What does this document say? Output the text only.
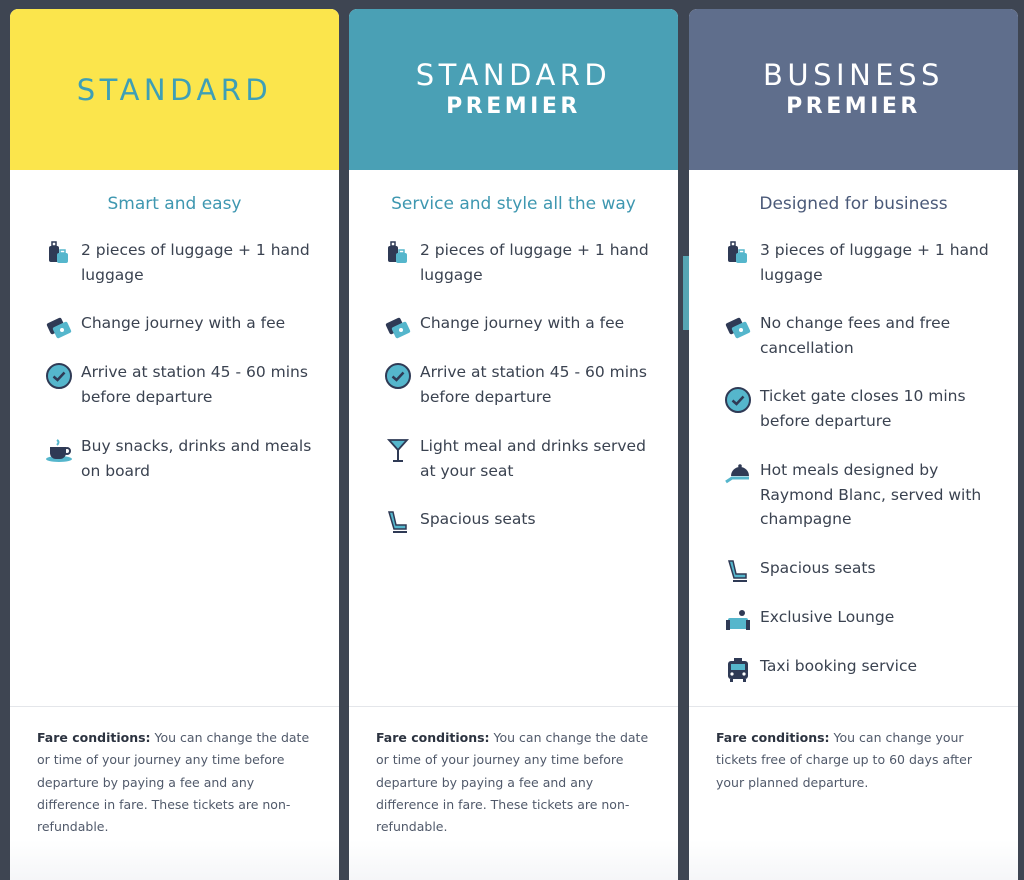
STANDARD
Smart and easy
2 pieces of luggage + 1 hand luggage
Change journey with a fee
Arrive at station 45 - 60 mins before departure
Buy snacks, drinks and meals on board
Fare conditions: You can change the date or time of your journey any time before departure by paying a fee and any difference in fare. These tickets are non-refundable.
STANDARD
PREMIER
Service and style all the way
2 pieces of luggage + 1 hand luggage
Change journey with a fee
Arrive at station 45 - 60 mins before departure
Light meal and drinks served at your seat
Spacious seats
Fare conditions: You can change the date or time of your journey any time before departure by paying a fee and any difference in fare. These tickets are non-refundable.
BUSINESS
PREMIER
Designed for business
3 pieces of luggage + 1 hand luggage
No change fees and free cancellation
Ticket gate closes 10 mins before departure
Hot meals designed by Raymond Blanc, served with champagne
Spacious seats
Exclusive Lounge
Taxi booking service
Fare conditions: You can change your tickets free of charge up to 60 days after your planned departure.
